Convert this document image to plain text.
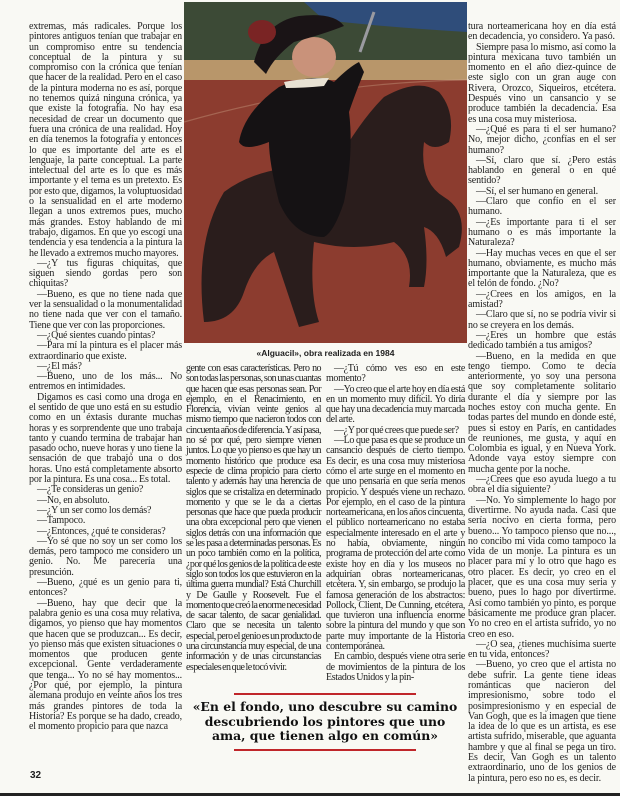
extremas, más radicales. Porque los pintores antiguos tenían que trabajar en un compromiso entre su tendencia conceptual de la pintura y su compromiso con la crónica que tenían que hacer de la realidad. Pero en el caso de la pintura moderna no es así, porque no tenemos quizá ninguna crónica, ya que existe la fotografía. No hay esa necesidad de crear un documento que fuera una crónica de una realidad. Hoy en día tenemos la fotografía y entonces lo que es importante del arte es el lenguaje, la parte conceptual. La parte intelectual del arte es lo que es más importante y el tema es un pretexto. Es por esto que, digamos, la voluptuosidad o la sensualidad en el arte moderno llegan a unos extremos pues, mucho más grandes. Estoy hablando de mi trabajo, digamos. En que yo escogí una tendencia y esa tendencia a la pintura la he llevado a extremos mucho mayores.

—¿Y tus figuras chiquitas, que siguen siendo gordas pero son chiquitas?

—Bueno, es que no tiene nada que ver la sensualidad o la monumentalidad no tiene nada que ver con el tamaño. Tiene que ver con las proporciones.

—¿Qué sientes cuando pintas?

—Para mí la pintura es el placer más extraordinario que existe.

—¿El más?

—Bueno, uno de los más... No entremos en intimidades.

Digamos es casi como una droga en el sentido de que uno está en su estudio como en un éxtasis durante muchas horas y es sorprendente que uno trabaja tanto y cuando termina de trabajar han pasado ocho, nueve horas y uno tiene la sensación de que trabajó una o dos horas. Uno está completamente absorto por la pintura. Es una cosa... Es total.

—¿Te consideras un genio?

—No, en absoluto.

—¿Y un ser como los demás?

—Tampoco.

—¿Entonces, ¿qué te consideras?

—Yo sé que no soy un ser como los demás, pero tampoco me considero un genio. No. Me parecería una presunción.

—Bueno, ¿qué es un genio para ti, entonces?

—Bueno, hay que decir que la palabra genio es una cosa muy relativa, digamos, yo pienso que hay momentos que hacen que se produzcan... Es decir, yo pienso más que existen situaciones o momentos que producen gente excepcional. Gente verdaderamente que tenga... Yo no sé hay momentos... ¿Por qué, por ejemplo, la pintura alemana produjo en veinte años los tres más grandes pintores de toda la Historia? Es porque se ha dado, creado, el momento propicio para que nazca

«Alguacil», obra realizada en 1984

gente con esas características. Pero no son todas las personas, son unas cuantas que hacen que esas personas sean. Por ejemplo, en el Renacimiento, en Florencia, vivían veinte genios al mismo tiempo que nacieron todos con cincuenta años de diferencia. Y así pasa, no sé por qué, pero siempre vienen juntos. Lo que yo pienso es que hay un momento histórico que produce esa especie de clima propicio para cierto talento y además hay una herencia de siglos que se cristaliza en determinado momento y que se le da a ciertas personas que hace que pueda producir una obra excepcional pero que vienen siglos detrás con una información que se les pasa a determinadas personas. Es un poco también como en la política, ¿por qué los genios de la política de este siglo son todos los que estuvieron en la última guerra mundial? Está Churchill y De Gaulle y Roosevelt. Fue el momento que creó la enorme necesidad de sacar talento, de sacar genialidad. Claro que se necesita un talento especial, pero el genio es un producto de una circunstancia muy especial, de una información y de unas circunstancias especiales en que le tocó vivir.

—¿Tú cómo ves eso en este momento?

—Yo creo que el arte hoy en día está en un momento muy difícil. Yo diría que hay una decadencia muy marcada del arte.

—¿Y por qué crees que puede ser?

—Lo que pasa es que se produce un cansancio después de cierto tiempo. Es decir, es una cosa muy misteriosa cómo el arte surge en el momento en que uno pensaría en que sería menos propicio. Y después viene un rechazo. Por ejemplo, en el caso de la pintura norteamericana, en los años cincuenta, el público norteamericano no estaba especialmente interesado en el arte y no había, obviamente, ningún programa de protección del arte como existe hoy en día y los museos no adquirían obras norteamericanas, etcétera. Y, sin embargo, se produjo la famosa generación de los abstractos: Pollock, Client, De Cunning, etcétera, que tuvieron una influencia enorme sobre la pintura del mundo y que son parte muy importante de la Historia contemporánea.

En cambio, después viene otra serie de movimientos de la pintura de los Estados Unidos y la pin-

tura norteamericana hoy en día está en decadencia, yo considero. Ya pasó.

Siempre pasa lo mismo, así como la pintura mexicana tuvo también un momento en el año diez-quince de este siglo con un gran auge con Rivera, Orozco, Siqueiros, etcétera. Después vino un cansancio y se produce también la decadencia. Esa es una cosa muy misteriosa.

—¿Qué es para ti el ser humano? No, mejor dicho, ¿confías en el ser humano?

—Sí, claro que sí. ¿Pero estás hablando en general o en qué sentido?

—Sí, el ser humano en general.

—Claro que confío en el ser humano.

—¿Es importante para ti el ser humano o es más importante la Naturaleza?

—Hay muchas veces en que el ser humano, obviamente, es mucho más importante que la Naturaleza, que es el telón de fondo. ¿No?

—¿Crees en los amigos, en la amistad?

—Claro que sí, no se podría vivir si no se creyera en los demás.

—¿Eres un hombre que estás dedicado también a tus amigos?

—Bueno, en la medida en que tengo tiempo. Como te decía anteriormente, yo soy una persona que soy completamente solitario durante el día y siempre por las noches estoy con mucha gente. En todas partes del mundo en donde esté, pues si estoy en París, en cantidades de reuniones, me gusta, y aquí en Colombia es igual, y en Nueva York. Adonde vaya estoy siempre con mucha gente por la noche.

—¿Crees que eso ayuda luego a tu obra el día siguiente?

—No. Yo simplemente lo hago por divertirme. No ayuda nada. Casi que sería nocivo en cierta forma, pero bueno... Yo tampoco pienso que no..., no concibo mi vida como tampoco la vida de un monje. La pintura es un placer para mí y lo otro que hago es otro placer. Es decir, yo creo en el placer, que es una cosa muy seria y bueno, pues lo hago por divertirme. Así como también yo pinto, es porque básicamente me produce gran placer. Yo no creo en el artista sufrido, yo no creo en eso.

—¿O sea, ¿tienes muchísima suerte en tu vida, entonces?

—Bueno, yo creo que el artista no debe sufrir. La gente tiene ideas románticas que nacieron del impresionismo, sobre todo el posimpresionismo y en especial de Van Gogh, que es la imagen que tiene la idea de lo que es un artista, es ese artista sufrido, miserable, que aguanta hambre y que al final se pega un tiro. Es decir, Van Gogh es un talento extraordinario, uno de los genios de la pintura, pero eso no es, es decir.

«En el fondo, uno descubre su camino descubriendo los pintores que uno ama, que tienen algo en común»
32
